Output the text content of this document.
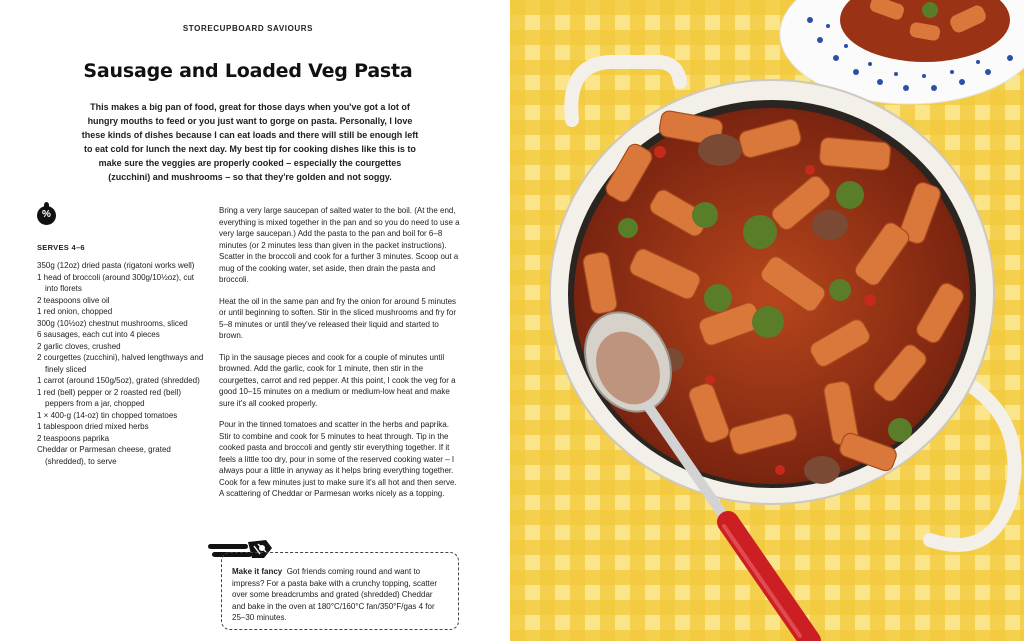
STORECUPBOARD SAVIOURS
Sausage and Loaded Veg Pasta

This makes a big pan of food, great for those days when you've got a lot of hungry mouths to feed or you just want to gorge on pasta. Personally, I love these kinds of dishes because I can eat loads and there will still be enough left to eat cold for lunch the next day. My best tip for cooking dishes like this is to make sure the veggies are properly cooked – especially the courgettes (zucchini) and mushrooms – so that they're golden and not soggy.

%
SERVES 4–6
350g (12oz) dried pasta (rigatoni works well)
1 head of broccoli (around 300g/10½oz), cut into florets
2 teaspoons olive oil
1 red onion, chopped
300g (10½oz) chestnut mushrooms, sliced
6 sausages, each cut into 4 pieces
2 garlic cloves, crushed
2 courgettes (zucchini), halved lengthways and finely sliced
1 carrot (around 150g/5oz), grated (shredded)
1 red (bell) pepper or 2 roasted red (bell) peppers from a jar, chopped
1 × 400-g (14-oz) tin chopped tomatoes
1 tablespoon dried mixed herbs
2 teaspoons paprika
Cheddar or Parmesan cheese, grated (shredded), to serve

Bring a very large saucepan of salted water to the boil. (At the end, everything is mixed together in the pan and so you do need to use a very large saucepan.) Add the pasta to the pan and boil for 6–8 minutes (or 2 minutes less than given in the packet instructions). Scatter in the broccoli and cook for a further 3 minutes. Scoop out a mug of the cooking water, set aside, then drain the pasta and broccoli.

Heat the oil in the same pan and fry the onion for around 5 minutes or until beginning to soften. Stir in the sliced mushrooms and fry for 5–8 minutes or until they've released their liquid and started to brown.

Tip in the sausage pieces and cook for a couple of minutes until browned. Add the garlic, cook for 1 minute, then stir in the courgettes, carrot and red pepper. At this point, I cook the veg for a good 10–15 minutes on a medium or medium-low heat and make sure it's all cooked properly.

Pour in the tinned tomatoes and scatter in the herbs and paprika. Stir to combine and cook for 5 minutes to heat through. Tip in the cooked pasta and broccoli and gently stir everything together. If it feels a little too dry, pour in some of the reserved cooking water – I always pour a little in anyway as it helps bring everything together. Cook for a few minutes just to make sure it's all hot and then serve. A scattering of Cheddar or Parmesan works nicely as a topping.

Make it fancy Got friends coming round and want to impress? For a pasta bake with a crunchy topping, scatter over some breadcrumbs and grated (shredded) Cheddar and bake in the oven at 180°C/160°C fan/350°F/gas 4 for 25–30 minutes.
